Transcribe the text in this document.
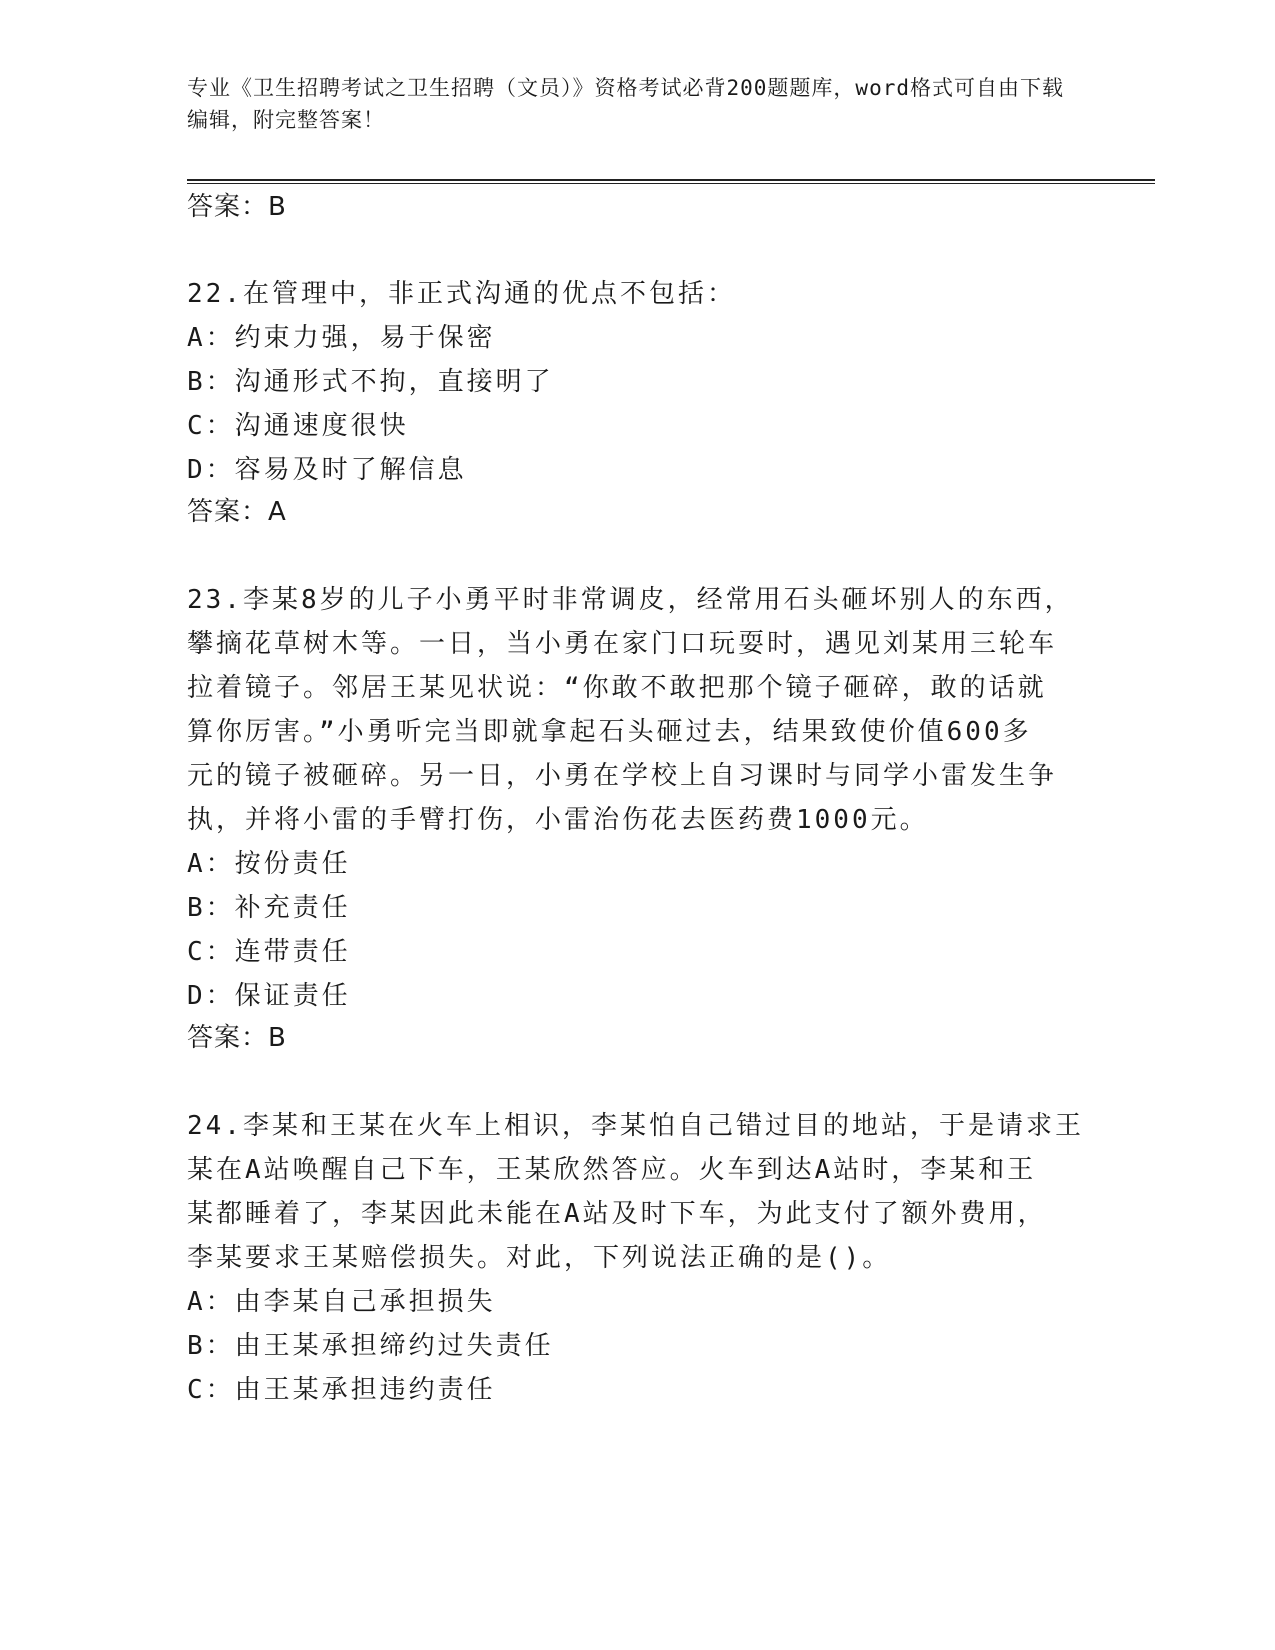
专业《卫生招聘考试之卫生招聘（文员）》资格考试必背200题题库，word格式可自由下载编辑，附完整答案！
答案：B
22.在管理中，非正式沟通的优点不包括：
A：约束力强，易于保密
B：沟通形式不拘，直接明了
C：沟通速度很快
D：容易及时了解信息
答案：A
23.李某8岁的儿子小勇平时非常调皮，经常用石头砸坏别人的东西，
攀摘花草树木等。一日，当小勇在家门口玩耍时，遇见刘某用三轮车
拉着镜子。邻居王某见状说：“你敢不敢把那个镜子砸碎，敢的话就
算你厉害。”小勇听完当即就拿起石头砸过去，结果致使价值600多
元的镜子被砸碎。另一日，小勇在学校上自习课时与同学小雷发生争
执，并将小雷的手臂打伤，小雷治伤花去医药费1000元。
A：按份责任
B：补充责任
C：连带责任
D：保证责任
答案：B
24.李某和王某在火车上相识，李某怕自己错过目的地站，于是请求王
某在A站唤醒自己下车，王某欣然答应。火车到达A站时，李某和王
某都睡着了，李某因此未能在A站及时下车，为此支付了额外费用，
李某要求王某赔偿损失。对此，下列说法正确的是()。
A：由李某自己承担损失
B：由王某承担缔约过失责任
C：由王某承担违约责任
